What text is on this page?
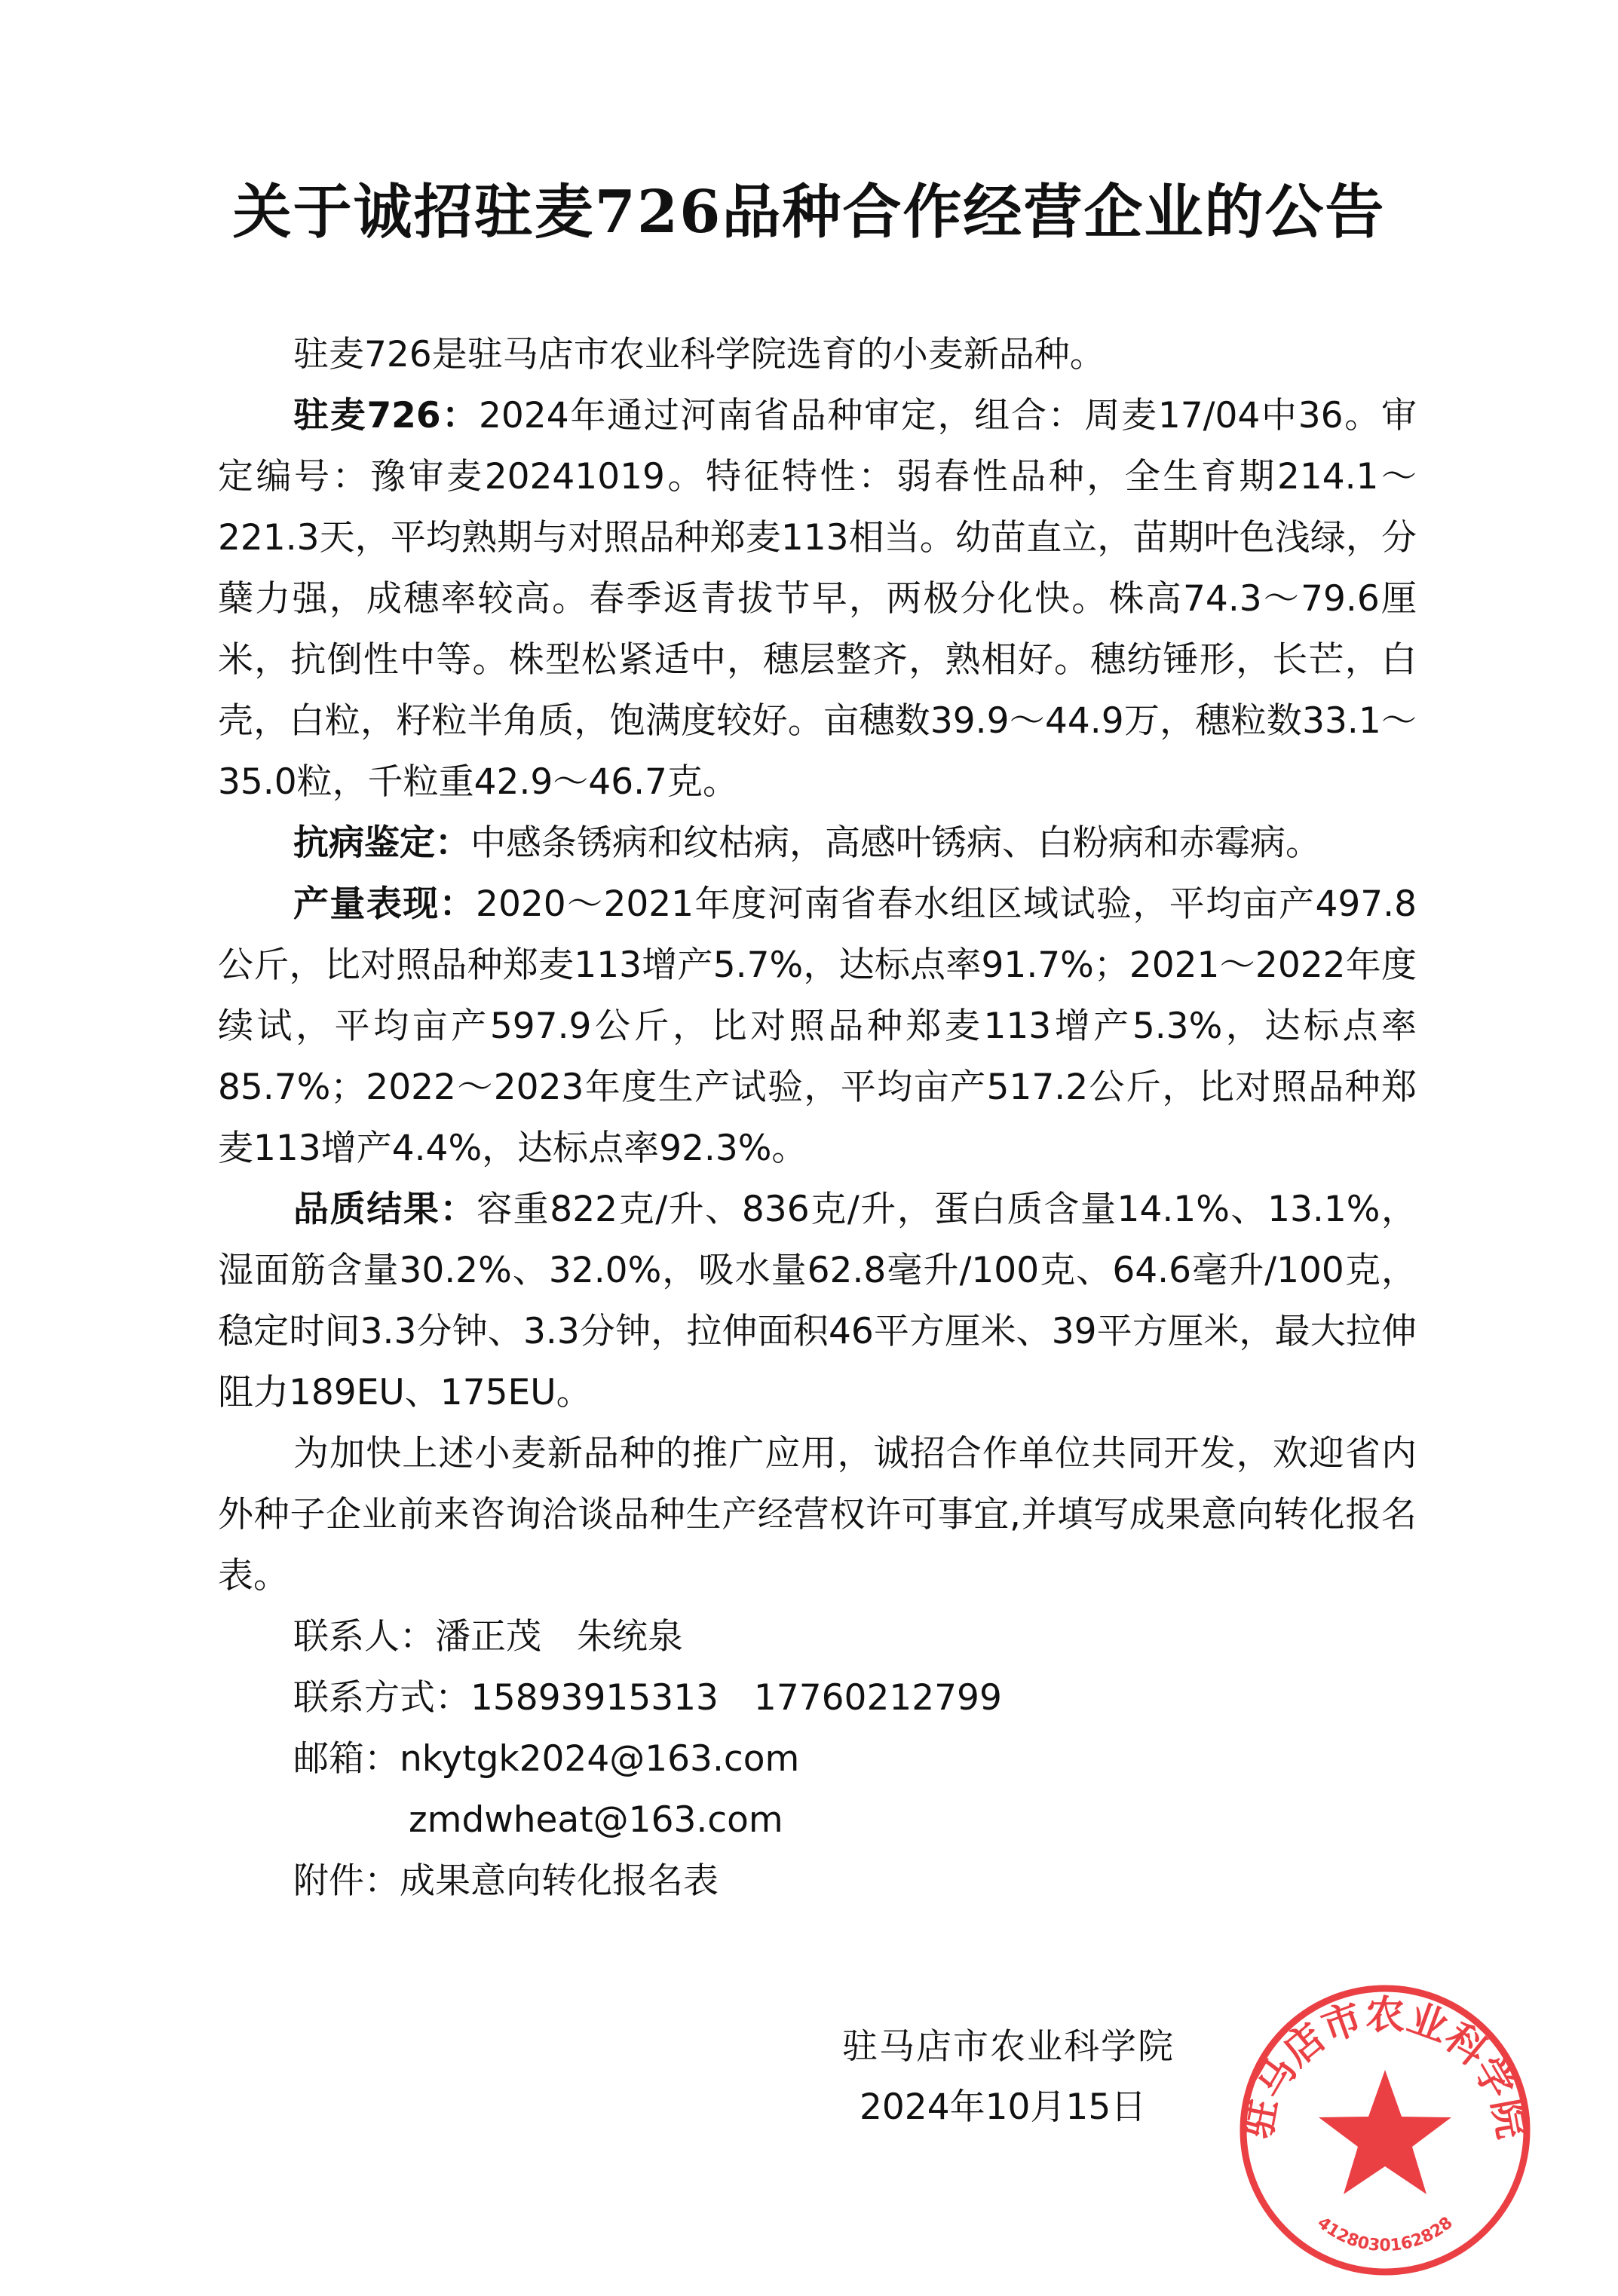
关于诚招驻麦726品种合作经营企业的公告

驻麦726是驻马店市农业科学院选育的小麦新品种。

驻麦726：2024年通过河南省品种审定，组合：周麦17/04中36。审定编号：豫审麦20241019。特征特性：弱春性品种，全生育期214.1～221.3天，平均熟期与对照品种郑麦113相当。幼苗直立，苗期叶色浅绿，分蘖力强，成穗率较高。春季返青拔节早，两极分化快。株高74.3～79.6厘米，抗倒性中等。株型松紧适中，穗层整齐，熟相好。穗纺锤形，长芒，白壳，白粒，籽粒半角质，饱满度较好。亩穗数39.9～44.9万，穗粒数33.1～35.0粒，千粒重42.9～46.7克。

抗病鉴定：中感条锈病和纹枯病，高感叶锈病、白粉病和赤霉病。

产量表现：2020～2021年度河南省春水组区域试验，平均亩产497.8公斤，比对照品种郑麦113增产5.7%，达标点率91.7%；2021～2022年度续试，平均亩产597.9公斤，比对照品种郑麦113增产5.3%，达标点率85.7%；2022～2023年度生产试验，平均亩产517.2公斤，比对照品种郑麦113增产4.4%，达标点率92.3%。

品质结果：容重822克/升、836克/升，蛋白质含量14.1%、13.1%，湿面筋含量30.2%、32.0%，吸水量62.8毫升/100克、64.6毫升/100克，稳定时间3.3分钟、3.3分钟，拉伸面积46平方厘米、39平方厘米，最大拉伸阻力189EU、175EU。

为加快上述小麦新品种的推广应用，诚招合作单位共同开发，欢迎省内外种子企业前来咨询洽谈品种生产经营权许可事宜,并填写成果意向转化报名表。

联系人：潘正茂　朱统泉

联系方式：15893915313　17760212799

邮箱：nkytgk2024@163.com

zmdwheat@163.com

附件：成果意向转化报名表

驻马店市农业科学院
2024年10月15日 驻马店市农业科学院
4128030162828
